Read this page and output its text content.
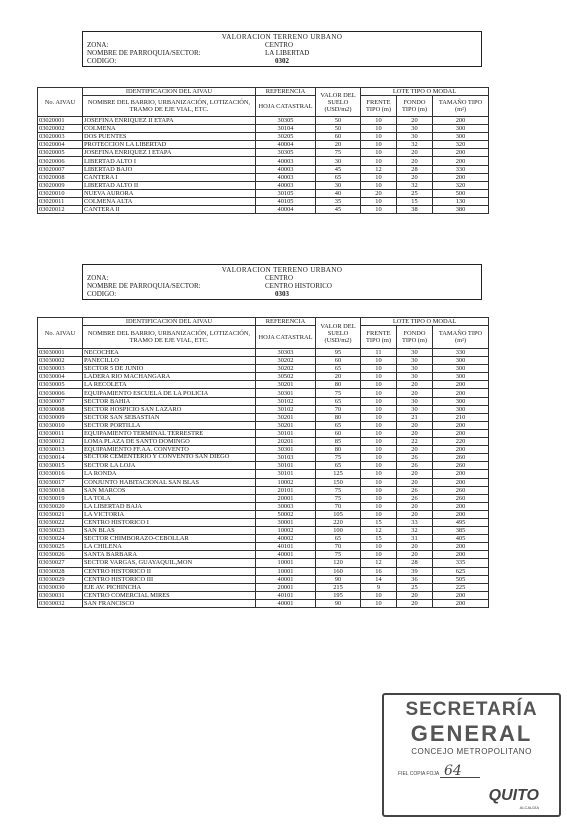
VALORACION TERRENO URBANO
ZONA:	CENTRO
NOMBRE DE PARROQUIA/SECTOR:	LA LIBERTAD
CODIGO:	0302
No. AIVAU	IDENTIFICACION DEL AIVAU	REFERENCIA	VALOR DEL SUELO (USD/m2)	LOTE TIPO O MODAL		
	NOMBRE DEL BARRIO, URBANIZACIÓN, LOTIZACIÓN, TRAMO DE EJE VIAL, ETC.	HOJA CATASTRAL		FRENTE TIPO (m)	FONDO TIPO (m)	TAMAÑO TIPO (m²)
03020001	JOSEFINA ENRIQUEZ II ETAPA	30305	50	10	20	200
03020002	COLMENA	30104	50	10	30	300
03020003	DOS PUENTES	30205	60	10	30	300
03020004	PROTECCION LA LIBERTAD	40004	20	10	32	320
03020005	JOSEFINA ENRIQUEZ I ETAPA	30305	75	10	20	200
03020006	LIBERTAD ALTO I	40003	30	10	20	200
03020007	LIBERTAD BAJO	40003	45	12	28	330
03020008	CANTERA I	40003	65	10	20	200
03020009	LIBERTAD ALTO II	40003	30	10	32	320
03020010	NUEVA AURORA	30105	40	20	25	500
03020011	COLMENA ALTA	40105	35	10	15	130
03020012	CANTERA II	40004	45	10	38	380
VALORACION TERRENO URBANO
ZONA:	CENTRO
NOMBRE DE PARROQUIA/SECTOR:	CENTRO HISTORICO
CODIGO:	0303
No. AIVAU	IDENTIFICACION DEL AIVAU	REFERENCIA	VALOR DEL SUELO (USD/m2)	LOTE TIPO O MODAL		
	NOMBRE DEL BARRIO, URBANIZACIÓN, LOTIZACIÓN, TRAMO DE EJE VIAL, ETC.	HOJA CATASTRAL		FRENTE TIPO (m)	FONDO TIPO (m)	TAMAÑO TIPO (m²)
03030001	NECOCHEA	30303	95	11	30	330
03030002	PANECILLO	30202	60	10	30	300
03030003	SECTOR 5 DE JUNIO	30202	65	10	30	300
03030004	LADERA RIO MACHANGARA	30502	20	10	30	300
03030005	LA RECOLETA	30201	80	10	20	200
03030006	EQUIPAMIENTO ESCUELA DE LA POLICIA	30301	75	10	20	200
03030007	SECTOR BAHIA	30102	65	10	30	300
03030008	SECTOR HOSPICIO SAN LAZARO	30102	70	10	30	300
03030009	SECTOR SAN SEBASTIAN	30201	80	10	21	210
03030010	SECTOR PORTILLA	30201	65	10	20	200
03030011	EQUIPAMIENTO TERMINAL TERRESTRE	30101	60	10	20	200
03030012	LOMA PLAZA DE SANTO DOMINGO	20201	85	10	22	220
03030013	EQUIPAMIENTO FF.AA. CONVENTO	30301	80	10	20	200
03030014	SECTOR CEMENTERIO Y CONVENTO SAN DIEGO	30103	75	10	26	260
03030015	SECTOR LA LOJA	30101	65	10	26	260
03030016	LA RONDA	30101	125	10	20	200
03030017	CONJUNTO HABITACIONAL SAN BLAS	10002	150	10	20	200
03030018	SAN MARCOS	20101	75	10	26	260
03030019	LA TOLA	20001	75	10	26	260
03030020	LA LIBERTAD BAJA	30003	70	10	20	200
03030021	LA VICTORIA	50002	105	10	20	200
03030022	CENTRO HISTORICO I	30001	220	15	33	495
03030023	SAN BLAS	10002	100	12	32	385
03030024	SECTOR CHIMBORAZO-CEBOLLAR	40002	65	15	31	405
03030025	LA CHILENA	40101	70	10	20	200
03030026	SANTA BARBARA	40001	75	10	20	200
03030027	SECTOR VARGAS, GUAYAQUIL,MON	10001	120	12	28	335
03030028	CENTRO HISTORICO II	10001	160	16	39	625
03030029	CENTRO HISTORICO III	40001	90	14	36	505
03030030	EJE AV. PICHINCHA	20001	215	9	25	225
03030031	CENTRO COMERCIAL MIRES	40101	195	10	20	200
03030032	SAN FRANCISCO	40001	90	10	20	200
SECRETARÍA
GENERAL
CONCEJO METROPOLITANO
FIEL COPIA FOJA 64
QUITO
ALCALDÍA
